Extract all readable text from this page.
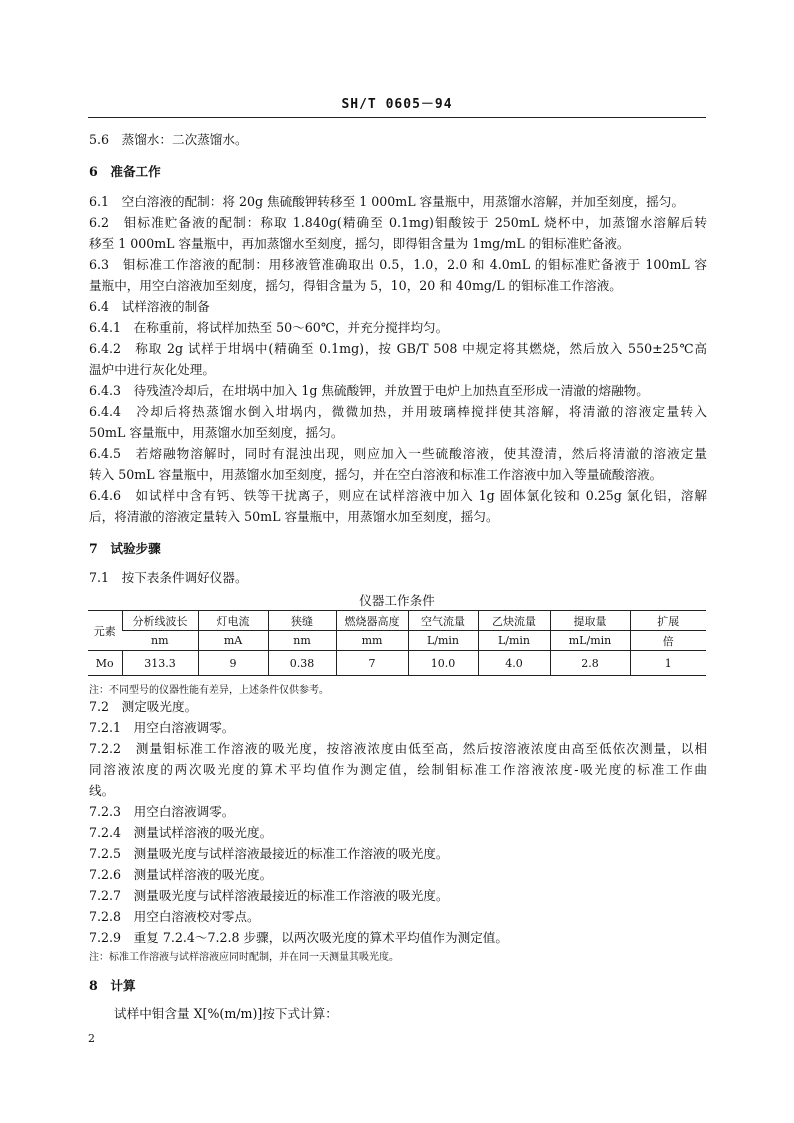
SH/T 0605－94
5.6　蒸馏水：二次蒸馏水。
6　准备工作
6.1　空白溶液的配制：将 20g 焦硫酸钾转移至 1 000mL 容量瓶中，用蒸馏水溶解，并加至刻度，摇匀。
6.2　钼标准贮备液的配制：称取 1.840g(精确至 0.1mg)钼酸铵于 250mL 烧杯中，加蒸馏水溶解后转
移至 1 000mL 容量瓶中，再加蒸馏水至刻度，摇匀，即得钼含量为 1mg/mL 的钼标准贮备液。
6.3　钼标准工作溶液的配制：用移液管准确取出 0.5，1.0，2.0 和 4.0mL 的钼标准贮备液于 100mL 容
量瓶中，用空白溶液加至刻度，摇匀，得钼含量为 5，10，20 和 40mg/L 的钼标准工作溶液。
6.4　试样溶液的制备
6.4.1　在称重前，将试样加热至 50～60℃，并充分搅拌均匀。
6.4.2　称取 2g 试样于坩埚中(精确至 0.1mg)，按 GB/T 508 中规定将其燃烧，然后放入 550±25℃高
温炉中进行灰化处理。
6.4.3　待残渣冷却后，在坩埚中加入 1g 焦硫酸钾，并放置于电炉上加热直至形成一清澈的熔融物。
6.4.4　冷却后将热蒸馏水倒入坩埚内，微微加热，并用玻璃棒搅拌使其溶解，将清澈的溶液定量转入
50mL 容量瓶中，用蒸馏水加至刻度，摇匀。
6.4.5　若熔融物溶解时，同时有混浊出现，则应加入一些硫酸溶液，使其澄清，然后将清澈的溶液定量
转入 50mL 容量瓶中，用蒸馏水加至刻度，摇匀，并在空白溶液和标准工作溶液中加入等量硫酸溶液。
6.4.6　如试样中含有钙、铁等干扰离子，则应在试样溶液中加入 1g 固体氯化铵和 0.25g 氯化铝，溶解
后，将清澈的溶液定量转入 50mL 容量瓶中，用蒸馏水加至刻度，摇匀。
7　试验步骤
7.1　按下表条件调好仪器。
仪器工作条件
元素	分析线波长	灯电流	狭缝	燃烧器高度	空气流量	乙炔流量	提取量	扩展
	nm	mA	nm	mm	L/min	L/min	mL/min	倍
Mo	313.3	9	0.38	7	10.0	4.0	2.8	1
注：不同型号的仪器性能有差异，上述条件仅供参考。
7.2　测定吸光度。
7.2.1　用空白溶液调零。
7.2.2　测量钼标准工作溶液的吸光度，按溶液浓度由低至高，然后按溶液浓度由高至低依次测量，以相
同溶液浓度的两次吸光度的算术平均值作为测定值，绘制钼标准工作溶液浓度-吸光度的标准工作曲
线。
7.2.3　用空白溶液调零。
7.2.4　测量试样溶液的吸光度。
7.2.5　测量吸光度与试样溶液最接近的标准工作溶液的吸光度。
7.2.6　测量试样溶液的吸光度。
7.2.7　测量吸光度与试样溶液最接近的标准工作溶液的吸光度。
7.2.8　用空白溶液校对零点。
7.2.9　重复 7.2.4～7.2.8 步骤，以两次吸光度的算术平均值作为测定值。
注：标准工作溶液与试样溶液应同时配制，并在同一天测量其吸光度。
8　计算
试样中钼含量 X[%(m/m)]按下式计算：
2
